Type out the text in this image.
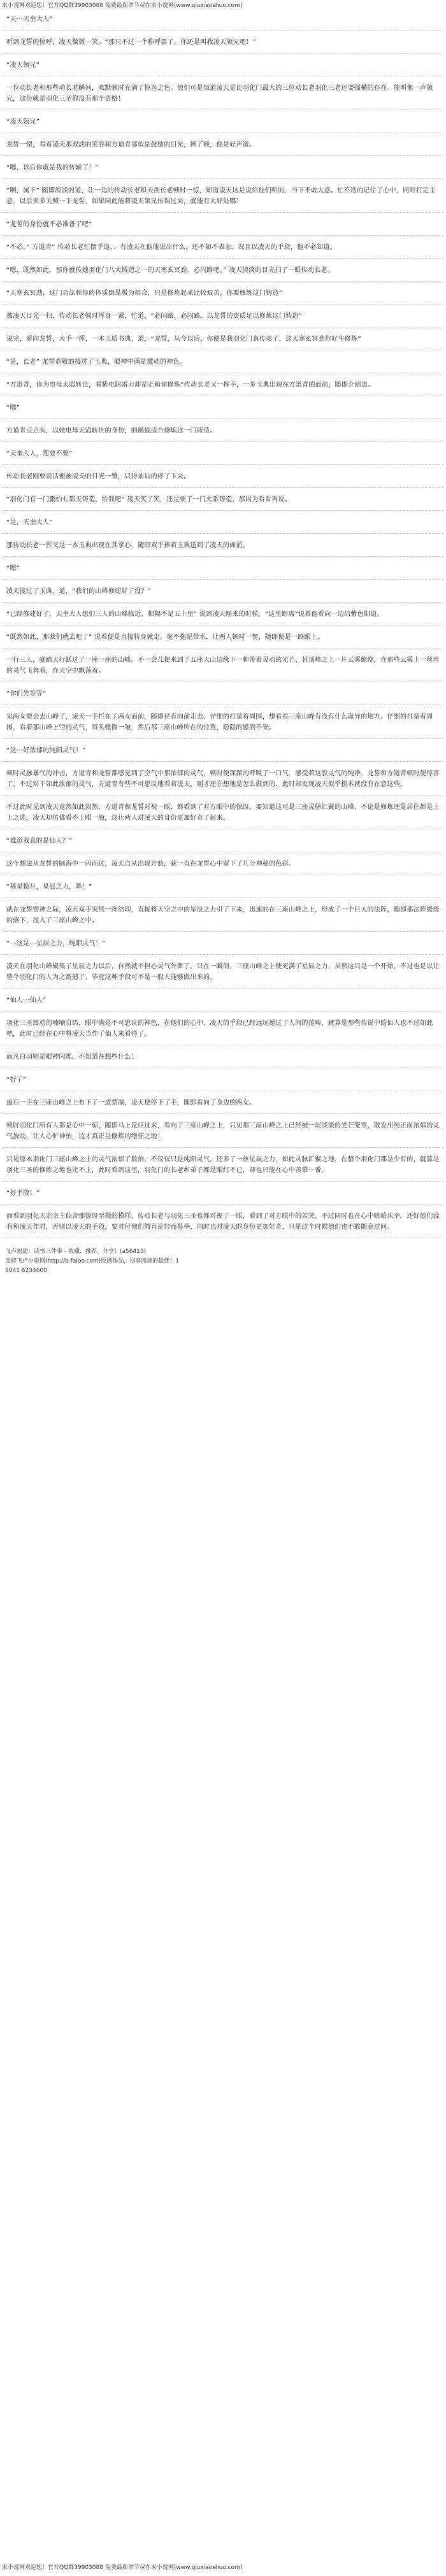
求小说网欢迎您！官方QQ群39903088 免费最新章节尽在求小说网(www.qiuxiaoshuo.com)

“天···天奎大人”

听到龙誓的惊呼，凌天微微一笑。“那只不过一个称呼罢了，你还是叫我凌天领兄吧！”

“凌天领兄”

一位动长老和那些动长老瞬间，欢默顿时充满了惊喜之色。他们可是知道凌天是比羽化门最大的三位动长老羽化三老还要强横的存在。能叫他一声领兄，这份就是羽化三圣都没有那个资格！

“凌天领兄”

龙誓一愣，看着凌天那双淡的笑容和方道青那似是鼓励的目光，顿了顿，便是好声道。

“嗯，以后你就是我的传辅了！”

“啊，属下” 随即淡淡的道，让一边的传动长老和天剑长老顿时一惊，知道凌天这是说给他们听的，当下不敢大意。忙不迭的记住了心中，同时打定主意，以后多多关照一下龙誓，如果同此能将凌天领兄传误过来，就能有大好处哪！

“龙誓的身份就不必准备了吧”

“不必。” 方道青” 传动长老忙摆手道，、有凌天在他能说出什么，还不如不表态。况且以凌天的手段，他不必知道。

“嗯，既然如此，那你就传她羽化门八大铸造之一的天寒玄冥劲。必闪路吧。” 凌天淡淡的目光扫了一眼传动长老。

“天寒玄冥劲，这门功法和你的体质倒是极为相合，只是修炼起来比较艰苦，你要修练这门铸造”

被凌天目光一扫，传动长老顿时浑身一紧，忙道，“必闪路，必闪路。以龙誓的资质足以修炼这门铸造”

说完，看向龙誓，大手一挥，一本玉质书典，道，“龙誓，从今以后，你便是我羽化门真传弟子，这天寒玄冥劲你好生修炼”

“是，长老” 龙誓恭敬的接过了玉典，眼神中满是激动的神色。

“方道青，你为电母天霞转世，看紫电阴雷力却是正和你修炼”传动长老又一挥手，一步玉典出现在方道青的面前，随即介绍道。

“嗯”

方道青点点头，以她电母天霞转世的身份，的确最适合修炼这一门铸造。

“天奎大人，您要不要”

传动长老刚要说话便被凌天的目光一瞥，只得讪讪的停了下来。

“羽化门有一门鹏怕七都天铸造，给我吧” 凌天笑了笑，还是要了一门火系铸造，那因为看看再说。

“是，天奎大人”

那传动长老一挥又是一本玉典出现在其掌心，随即双手捧着玉典送到了凌天的面前。

“嗯”

凌天接过了玉典，道，“我们的山峰修建好了没？”

“已经修建好了，天奎大人您们三人的山峰临近，相隔不足五十里” 说到凌天刚来的时候，“这里距离”说着他看向一边的紫色阳道。

“既然如此，那我们就去吧了” 说着便是直接转身就走。毫不拖泥带水，让两人顿时一愣，随即便是一路跟上。

一行三人，就踏天行跃过了一座一座的山峰。不一会儿便来到了五座大山边缘下一种带着灵动的光芒，其顶峰之上一片云雾缭绕，在那些云雾上一丝丝的灵气飞舞着，在天空中飘荡着。

“你们先等等”

见两女要去去山峰了，凌天一手拦在了两女面前，随即径直向前走去，仔细的打量着周围，想看看三座山峰有没有什么诡异的地方。仔细的打量着周围，看着那山峰上空的灵气，眉头微微一皱，然后那三座山峰所在的位置，隐隐的感到不安。

“这···好浓郁的纯阳灵气！”

顿时灵脉暴气的冲击，方道青和龙誓都感觉到了空气中那浓郁的灵气，顿时便深深的呼吸了一口气，感受着这股灵气的纯净，龙誓和方道青顿时便惊喜了。不过对于如此浓郁的灵气，方道青有些不可思议地看着凌天，刚才还在想他是怎么做到的，此时却发现凌天似乎根本就没有在意这些。

不过此时见到凌天竟然如此淡然，方道青和龙誓对视一眼，都看到了对方眼中的惊讶。要知道这可是三座灵脉汇聚的山峰，不论是修炼还是居住都是上上之选，凌天却仿佛看不上眼一般，这让两人对凌天的身份更加好奇了起来。

“难道我真的是仙人？”

这个想法从龙誓的脑海中一闪而过，凌天自从出现开始，就一直在龙誓心中留下了几分神秘的色彩。

“移星换月，星辰之力，降！”

就在龙誓愣神之际，凌天双手突然一阵结印，直接将天空之中的星辰之力引了下来，迅速的在三座山峰之上，形成了一个巨大的法阵，随即那法阵缓缓的落下，没入了三座山峰之中。

“···这是···星辰之力，纯阳灵气！”

凌天在羽化山峰聚集了星辰之力以后，自然就不担心灵气外泄了，只在一瞬间，三座山峰之上便充满了星辰之力，虽然这只是一个开始，不过也足以让整个羽化门的人为之震撼了，毕竟这种手段可不是一般人能够做出来的。

“仙人···仙人”

羽化三圣震动的喃喃自语，眼中满是不可思议的神色，在他们的心中，凌天的手段已经远远超过了人间的范畴，就算是那些传说中的仙人也不过如此吧，此时已经在心中将凌天当作了仙人来看待了。

而凡白羽则是眼神闪烁，不知道在想些什么！

“好了”

最后一手在三座山峰之上布下了一道禁制，凌天便停下了手，随即看向了身边的两女。

顿时羽化门所有人都是心中一惊，随即马上反应过来，看向了三座山峰之上，只见那三座山峰之上已经被一层淡淡的光芒笼罩，散发出纯正而浓郁的灵气波动，让人心旷神怡，这才真正是修炼的绝佳之地！

只见原本羽化门三座山峰之上的灵气浓郁了数倍，不仅仅只是纯阳灵气，还多了一丝星辰之力，如此灵脉汇聚之地，在整个羽化门都是少有的，就算是羽化三圣的修炼之地也比不上，此时看到这里，羽化门的长老和弟子都是眼红不已，却也只能在心中羡慕一番。

“好手段！”

而看到羽化天宗宗主仙舍那惊讶至极的模样，传动长老与羽化三圣也都对视了一眼，看到了对方眼中的苦笑，不过同时也在心中暗暗庆幸。还好他们没有和凌天作对，否则以凌天的手段，要对付他们简直是轻而易举，同时也对凌天的身份更加好奇，只是这个时候他们也不敢随意过问。

飞卢福建：读书三件事 - 收藏、推荐、分享！(a56415)

支持飞卢小说网(http://b.faloo.com)原创作品，尽享阅读的最佳！1

5041 6234600

求小说网欢迎您！官方QQ群39903088 免费最新章节尽在求小说网(www.qiuxiaoshuo.com)
